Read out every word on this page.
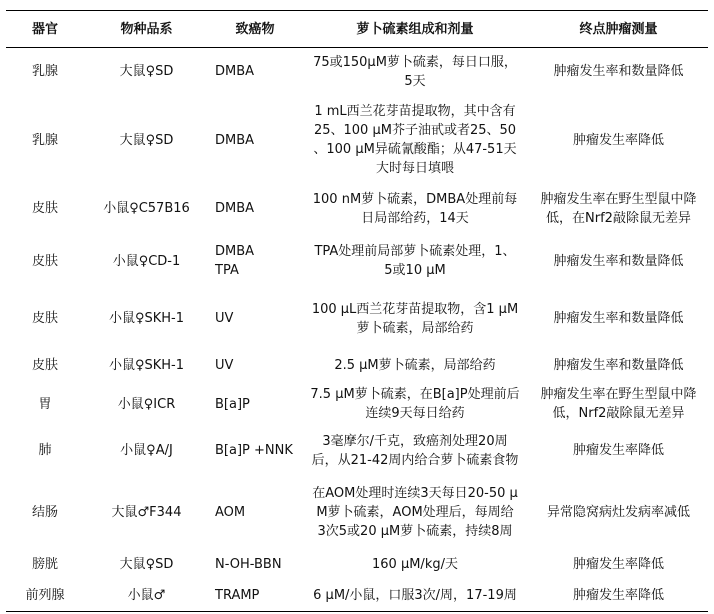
器官	物种品系	致癌物	萝卜硫素组成和剂量	终点肿瘤测量
乳腺	大鼠♀SD	DMBA	75或150μM萝卜硫素，每日口服，
5天	肿瘤发生率和数量降低

乳腺	大鼠♀SD	DMBA	1 mL西兰花芽苗提取物，其中含有
25、100 μM芥子油甙或者25、50
、100 μM异硫氰酸酯；从47-51天
大时每日填喂	肿瘤发生率降低

皮肤	小鼠♀C57B16	DMBA	100 nM萝卜硫素，DMBA处理前每
日局部给药，14天	肿瘤发生率在野生型鼠中降
低，在Nrf2敲除鼠无差异

皮肤	小鼠♀CD-1	DMBA
TPA	TPA处理前局部萝卜硫素处理，1、
5或10 μM	肿瘤发生率和数量降低

皮肤	小鼠♀SKH-1	UV	100 μL西兰花芽苗提取物，含1 μM
萝卜硫素，局部给药	肿瘤发生率和数量降低

皮肤	小鼠♀SKH-1	UV	2.5 μM萝卜硫素，局部给药	肿瘤发生率和数量降低

胃	小鼠♀ICR	B[a]P	7.5 μM萝卜硫素，在B[a]P处理前后
连续9天每日给药	肿瘤发生率在野生型鼠中降
低，Nrf2敲除鼠无差异

肺	小鼠♀A/J	B[a]P +NNK	3毫摩尔/千克，致癌剂处理20周
后，从21-42周内给合萝卜硫素食物	肿瘤发生率降低

结肠	大鼠♂F344	AOM	在AOM处理时连续3天每日20-50 μ
M萝卜硫素，AOM处理后，每周给
3次5或20 μM萝卜硫素，持续8周	异常隐窝病灶发病率减低

膀胱	大鼠♀SD	N-OH-BBN	160 μM/kg/天	肿瘤发生率降低

前列腺	小鼠♂	TRAMP	6 μM/小鼠，口服3次/周，17-19周	肿瘤发生率降低
